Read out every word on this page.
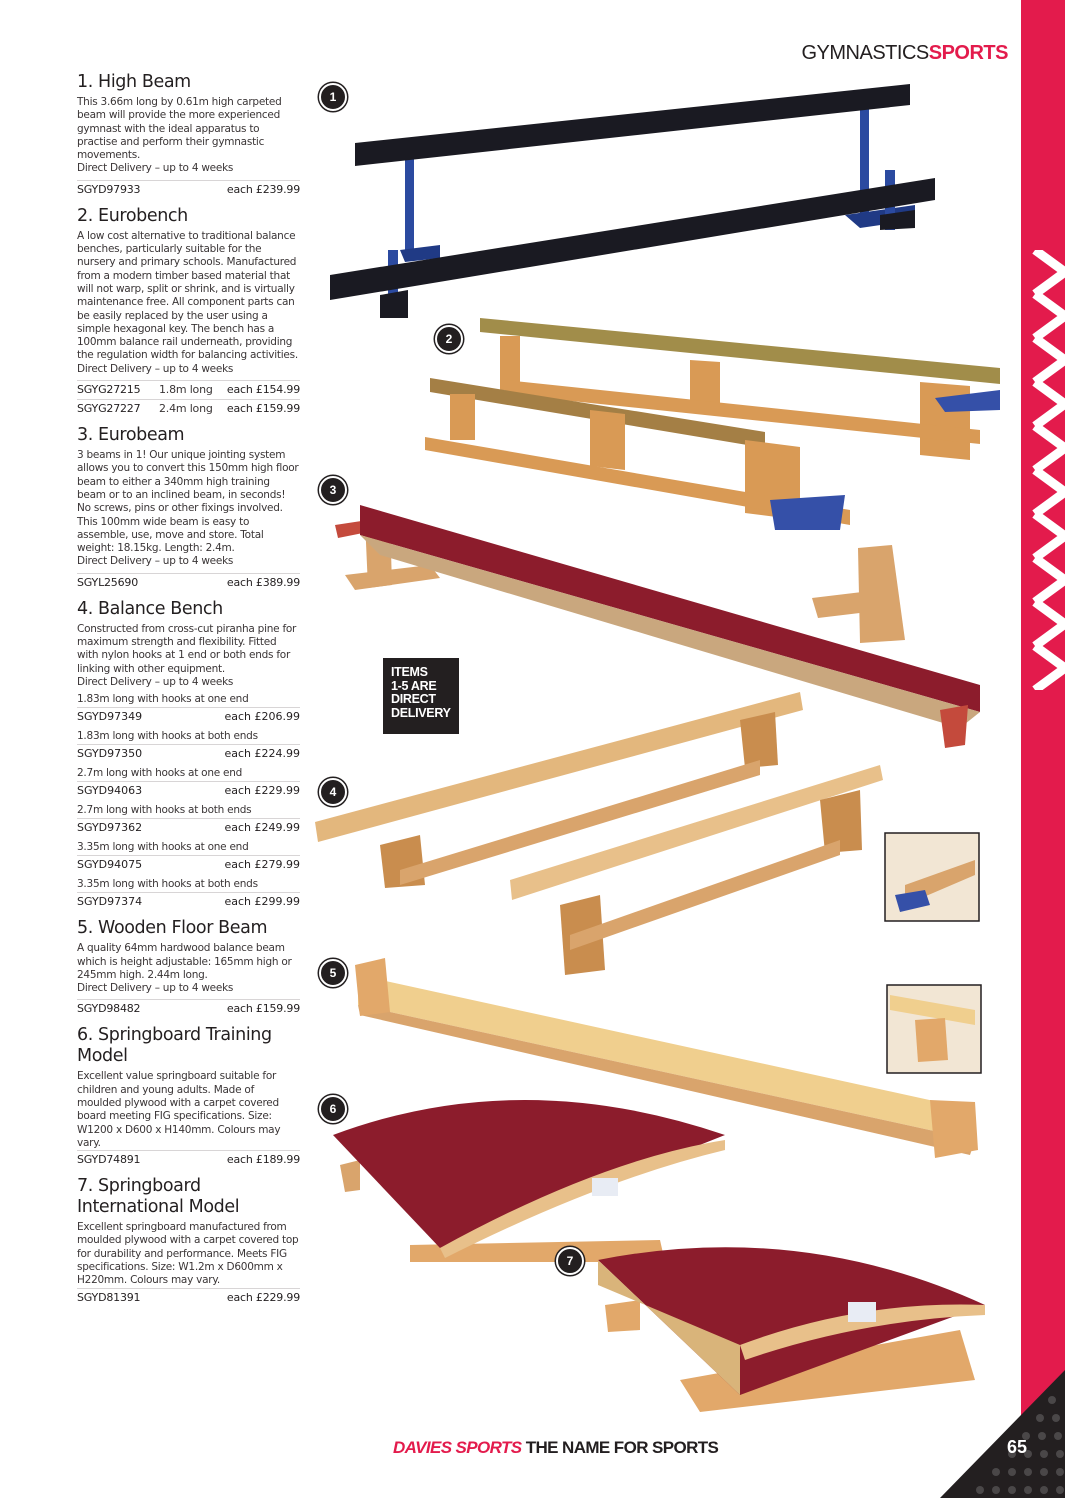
65
GYMNASTICSSPORTS
DAVIES SPORTS THE NAME FOR SPORTS
1
2
3
4
5
6
7
ITEMS
1-5 ARE
DIRECT
DELIVERY
1. High Beam

This 3.66m long by 0.61m high carpeted beam will provide the more experienced gymnast with the ideal apparatus to practise and perform their gymnastic movements.

Direct Delivery – up to 4 weeks

SGYD97933	each £239.99
2. Eurobench

A low cost alternative to traditional balance benches, particularly suitable for the nursery and primary schools. Manufactured from a modern timber based material that will not warp, split or shrink, and is virtually maintenance free. All component parts can be easily replaced by the user using a simple hexagonal key. The bench has a 100mm balance rail underneath, providing the regulation width for balancing activities.

Direct Delivery – up to 4 weeks

SGYG27215	1.8m long	each £154.99
SGYG27227	2.4m long	each £159.99
3. Eurobeam

3 beams in 1! Our unique jointing system allows you to convert this 150mm high floor beam to either a 340mm high training beam or to an inclined beam, in seconds! No screws, pins or other fixings involved. This 100mm wide beam is easy to assemble, use, move and store. Total weight: 18.15kg. Length: 2.4m.

Direct Delivery – up to 4 weeks

SGYL25690	each £389.99
4. Balance Bench

Constructed from cross-cut piranha pine for maximum strength and flexibility. Fitted with nylon hooks at 1 end or both ends for linking with other equipment.

Direct Delivery – up to 4 weeks

1.83m long with hooks at one end
SGYD97349	each £206.99
1.83m long with hooks at both ends
SGYD97350	each £224.99
2.7m long with hooks at one end
SGYD94063	each £229.99
2.7m long with hooks at both ends
SGYD97362	each £249.99
3.35m long with hooks at one end
SGYD94075	each £279.99
3.35m long with hooks at both ends
SGYD97374	each £299.99
5. Wooden Floor Beam

A quality 64mm hardwood balance beam which is height adjustable: 165mm high or 245mm high. 2.44m long.

Direct Delivery – up to 4 weeks

SGYD98482	each £159.99
6. Springboard Training Model

Excellent value springboard suitable for children and young adults. Made of moulded plywood with a carpet covered board meeting FIG specifications. Size: W1200 x D600 x H140mm. Colours may vary.

SGYD74891	each £189.99
7. Springboard International Model

Excellent springboard manufactured from moulded plywood with a carpet covered top for durability and performance. Meets FIG specifications. Size: W1.2m x D600mm x H220mm. Colours may vary.

SGYD81391	each £229.99
